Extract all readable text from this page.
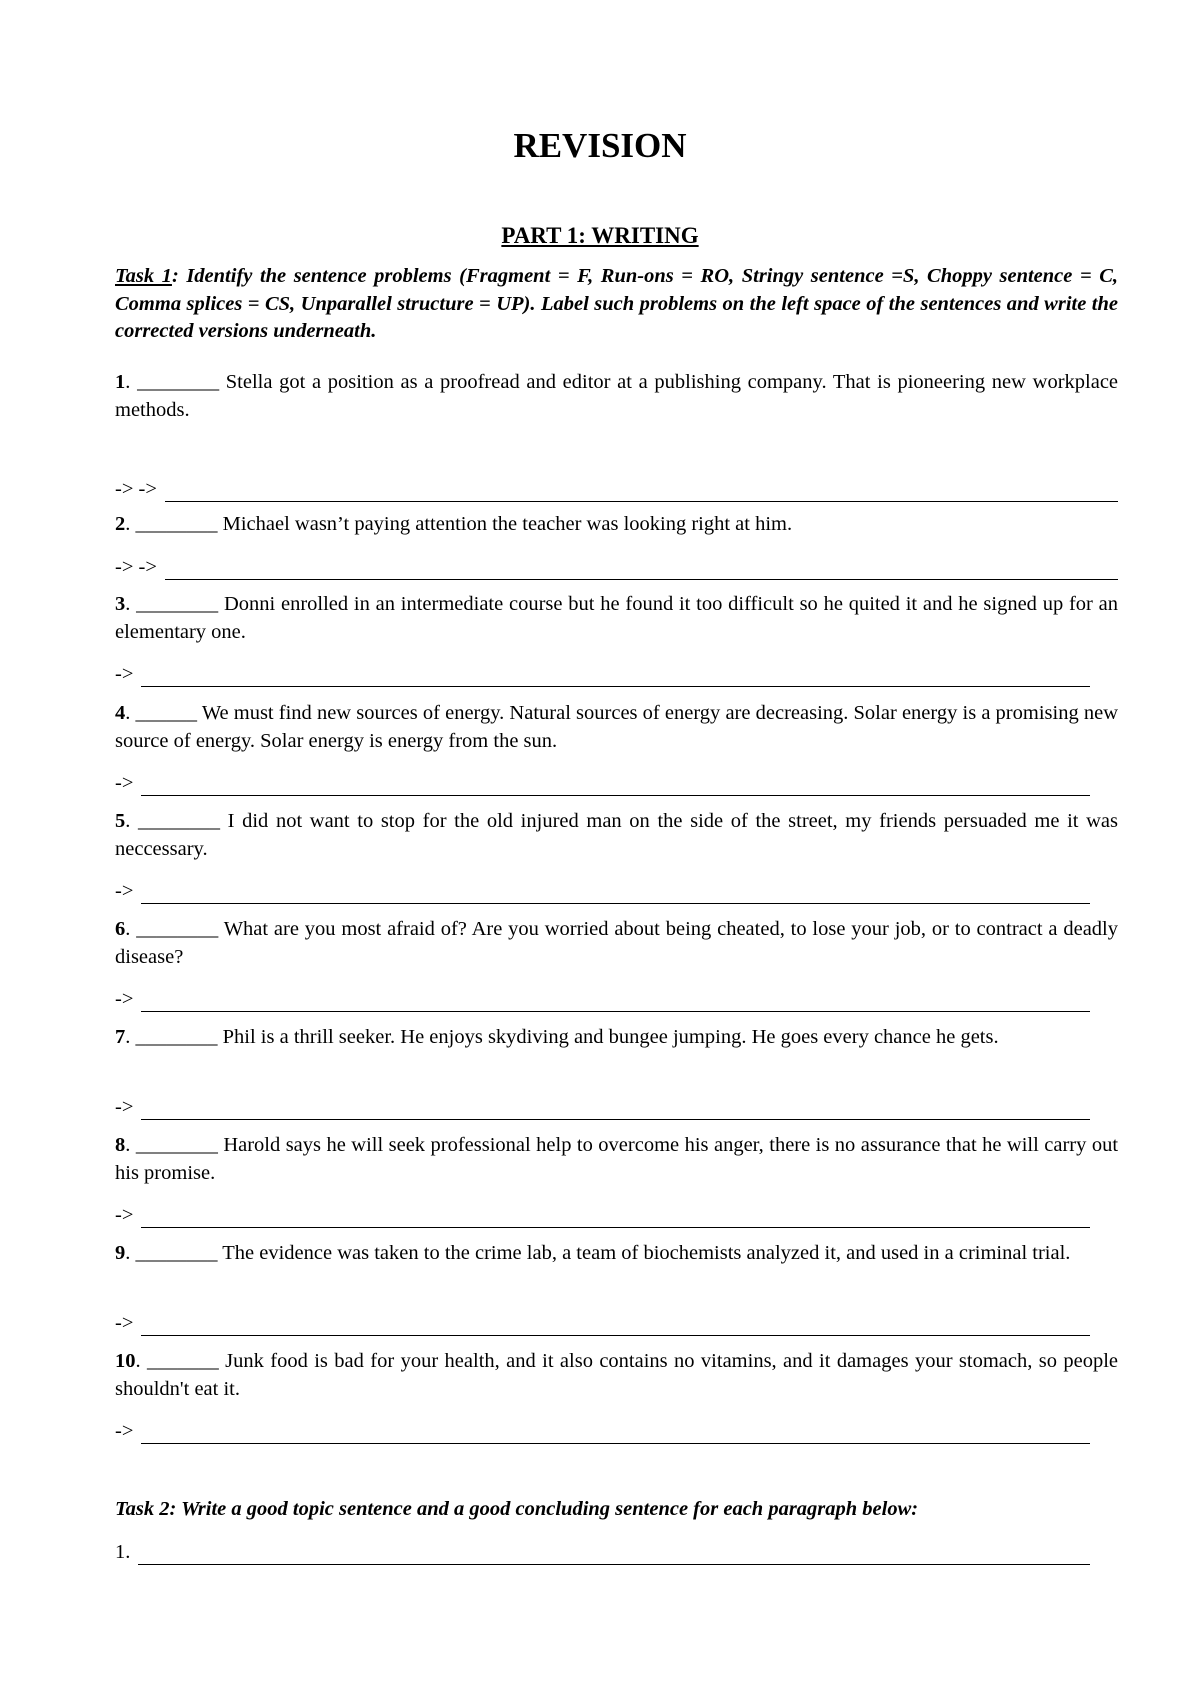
REVISION
PART 1: WRITING
Task 1: Identify the sentence problems (Fragment = F, Run-ons = RO, Stringy sentence =S, Choppy sentence = C, Comma splices = CS, Unparallel structure = UP). Label such problems on the left space of the sentences and write the corrected versions underneath.
1. ________ Stella got a position as a proofread and editor at a publishing company. That is pioneering new workplace methods.
-> ->
2. ________ Michael wasn’t paying attention the teacher was looking right at him.
-> ->
3. ________ Donni enrolled in an intermediate course but he found it too difficult so he quited it and he signed up for an elementary one.
->
4. ______ We must find new sources of energy. Natural sources of energy are decreasing. Solar energy is a promising new source of energy. Solar energy is energy from the sun.
->
5. ________ I did not want to stop for the old injured man on the side of the street, my friends persuaded me it was neccessary.
->
6. ________ What are you most afraid of? Are you worried about being cheated, to lose your job, or to contract a deadly disease?
->
7. ________ Phil is a thrill seeker. He enjoys skydiving and bungee jumping. He goes every chance he gets.
->
8. ________ Harold says he will seek professional help to overcome his anger, there is no assurance that he will carry out his promise.
->
9. ________ The evidence was taken to the crime lab, a team of biochemists analyzed it, and used in a criminal trial.
->
10. _______ Junk food is bad for your health, and it also contains no vitamins, and it damages your stomach, so people shouldn't eat it.
->
Task 2: Write a good topic sentence and a good concluding sentence for each paragraph below:
1.
